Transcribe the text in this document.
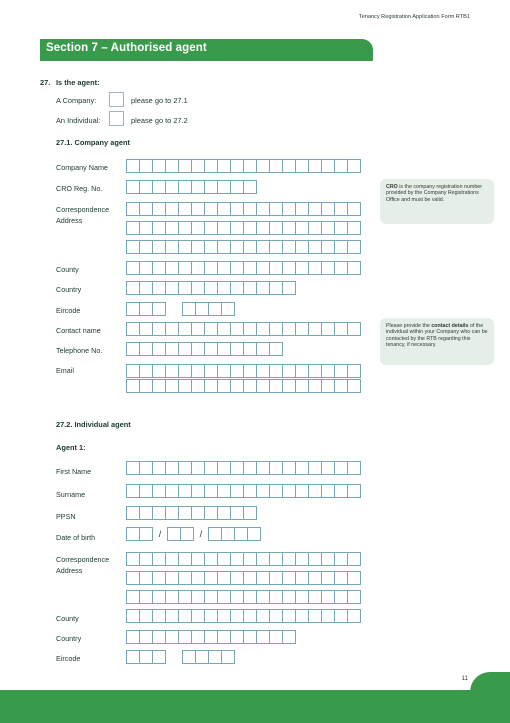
Tenancy Registration Application Form RTB1
Section 7 – Authorised agent
27. Is the agent:
A Company:	please go to 27.1
An Individual:	please go to 27.2
27.1. Company agent
Company Name
CRO Reg. No.
Correspondence
Address
County
Country
Eircode
Contact name
Telephone No.
Email
CRO is the company registration number provided by the Company Registrations Office and must be valid.
Please provide the contact details of the individual within your Company who can be contacted by the RTB regarding this tenancy, if necessary.
27.2. Individual agent
Agent 1:
First Name
Surname
PPSN
Date of birth	/	/
Correspondence
Address
County
Country
Eircode
11
